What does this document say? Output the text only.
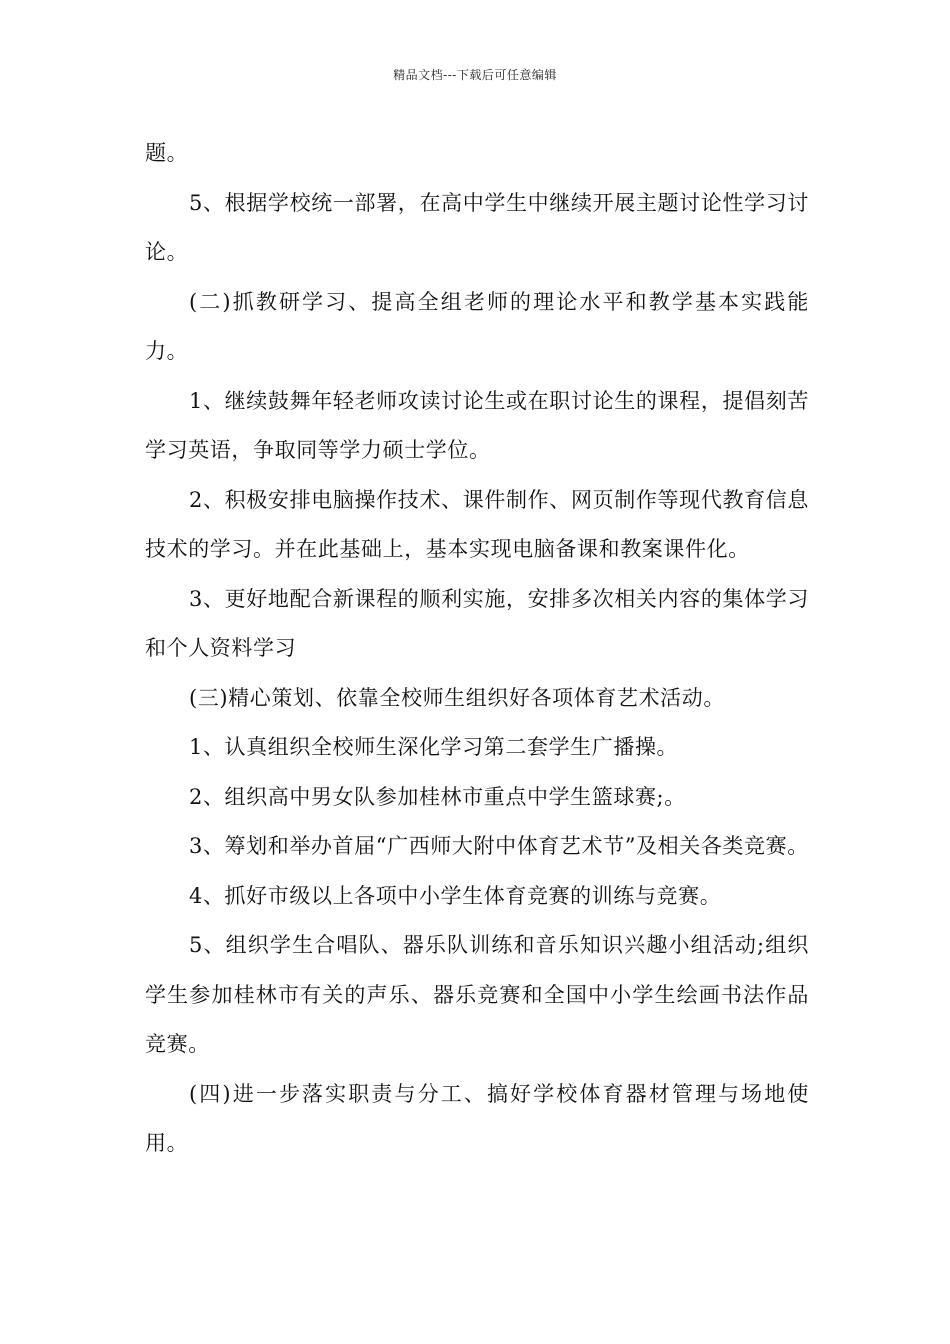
精品文档---下载后可任意编辑

题。

5、根据学校统一部署，在高中学生中继续开展主题讨论性学习讨论。

(二)抓教研学习、提高全组老师的理论水平和教学基本实践能力。

1、继续鼓舞年轻老师攻读讨论生或在职讨论生的课程，提倡刻苦学习英语，争取同等学力硕士学位。

2、积极安排电脑操作技术、课件制作、网页制作等现代教育信息技术的学习。并在此基础上，基本实现电脑备课和教案课件化。

3、更好地配合新课程的顺利实施，安排多次相关内容的集体学习和个人资料学习

(三)精心策划、依靠全校师生组织好各项体育艺术活动。

1、认真组织全校师生深化学习第二套学生广播操。

2、组织高中男女队参加桂林市重点中学生篮球赛;。

3、筹划和举办首届“广西师大附中体育艺术节”及相关各类竞赛。

4、抓好市级以上各项中小学生体育竞赛的训练与竞赛。

5、组织学生合唱队、器乐队训练和音乐知识兴趣小组活动;组织学生参加桂林市有关的声乐、器乐竞赛和全国中小学生绘画书法作品竞赛。

(四)进一步落实职责与分工、搞好学校体育器材管理与场地使用。
